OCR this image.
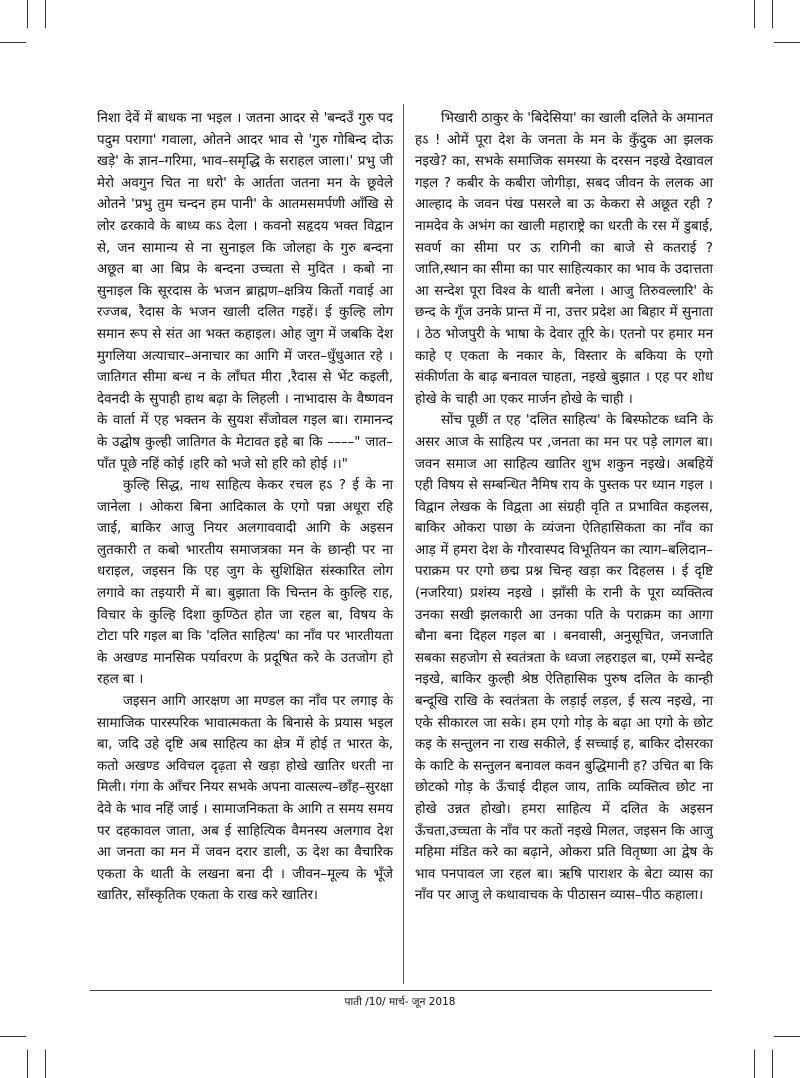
निशा देवें में बाधक ना भइल । जतना आदर से 'बन्दउँ गुरु पद पदुम परागा' गवाला, ओतने आदर भाव से 'गुरु गोबिन्द दोऊ खड़े' के ज्ञान–गरिमा, भाव–समृद्धि के सराहल जाला।' प्रभु जी मेरो अवगुन चित ना धरो' के आर्तता जतना मन के छूवेले ओतने 'प्रभु तुम चन्दन हम पानी' के आतमसमर्पणी आँखि से लोर ढरकावे के बाध्य कऽ देला । कवनो सहृदय भक्त विद्वान से, जन सामान्य से ना सुनाइल कि जोलहा के गुरु बन्दना अछूत बा आ बिप्र के बन्दना उच्चता से मुदित । कबो ना सुनाइल कि सूरदास के भजन ब्राह्मण–क्षत्रिय किर्तो गवाई आ रज्जब, रैदास के भजन खाली दलित गइहें। ई कुल्हि लोग समान रूप से संत आ भक्त कहाइल। ओह जुग में जबकि देश मुगलिया अत्याचार–अनाचार का आगि में जरत–धुँधुआत रहे ।जातिगत सीमा बन्ध न के लाँघत मीरा ,रैदास से भेंट कइली, देवनदी के सुपाही हाथ बढ़ा के लिहली । नाभादास के वैष्णवन के वार्ता में एह भक्तन के सुयश सँजोवल गइल बा। रामानन्द के उद्घोष कुल्ही जातिगत के मेटावत इहे बा कि ––––" जात–पाँत पूछे नहिं कोई ।हरि को भजे सो हरि को होई ।।"

कुल्हि सिद्ध, नाथ साहित्य केकर रचल हऽ ? ई के ना जानेला । ओकरा बिना आदिकाल के एगो पन्ना अधूरा रहि जाई, बाकिर आजु नियर अलगाववादी आगि के अइसन लुतकारी त कबो भारतीय समाजत्रका मन के छान्ही पर ना धराइल, जइसन कि एह जुग के सुशिक्षित संस्कारित लोग लगावे का तइयारी में बा। बुझाता कि चिन्तन के कुल्हि राह, विचार के कुल्हि दिशा कुण्ठित होत जा रहल बा, विषय के टोटा परि गइल बा कि 'दलित साहित्य' का नाँव पर भारतीयता के अखण्ड मानसिक पर्यावरण के प्रदूषित करे के उतजोग हो रहल बा ।

जइसन आगि आरक्षण आ मण्डल का नाँव पर लगाइ के सामाजिक पारस्परिक भावात्मकता के बिनासे के प्रयास भइल बा, जदि उहे दृष्टि अब साहित्य का क्षेत्र में होई त भारत के, कतो अखण्ड अविचल दृढ़ता से खड़ा होखे खातिर धरती ना मिली। गंगा के ऑंचर नियर सभके अपना वात्सल्य–छाँह–सुरक्षा देवे के भाव नहिं जाई । सामाजनिकता के आगि त समय समय पर दहकावल जाता, अब ई साहित्यिक वैमनस्य अलगाव देश आ जनता का मन में जवन दरार डाली, ऊ देश का वैचारिक एकता के थाती के लखना बना दी । जीवन–मूल्य के भूँजे खातिर, सॉंस्कृतिक एकता के राख करे खातिर।

भिखारी ठाकुर के 'बिदेसिया' का खाली दलिते के अमानत हऽ ! ओमें पूरा देश के जनता के मन के कुँदुक आ झलक नइखे? का, सभके समाजिक समस्या के दरसन नइखे देखावल गइल ? कबीर के कबीरा जोगीड़ा, सबद जीवन के ललक आ आल्हाद के जवन पंख पसरले बा ऊ केकरा से अछूत रही ? नामदेव के अभंग का खाली महाराष्ट्रे का धरती के रस में डुबाई, सवर्ण का सीमा पर ऊ रागिनी का बाजे से कतराई ? जाति,स्थान का सीमा का पार साहित्यकार का भाव के उदात्तता आ सन्देश पूरा विश्व के थाती बनेला । आजु तिरुवल्लारि' के छन्द के गूँज उनके प्रान्त में ना, उत्तर प्रदेश आ बिहार में सुनाता । ठेठ भोजपुरी के भाषा के देवार तूरि के। एतनो पर हमार मन काहे ए एकता के नकार के, विस्तार के बकिया के एगो संकीर्णता के बाढ़ बनावल चाहता, नइखे बुझात । एह पर शोध होखे के चाही आ एकर मार्जन होखे के चाही ।

सोंच पूछीं त एह 'दलित साहित्य' के बिस्फोटक ध्वनि के असर आज के साहित्य पर ,जनता का मन पर पड़े लागल बा। जवन समाज आ साहित्य खातिर शुभ शकुन नइखे। अबहियें एही विषय से सम्बन्धित नैमिष राय के पुस्तक पर ध्यान गइल । विद्वान लेखक के विद्वता आ संग्रही वृति त प्रभावित कइलस, बाकिर ओकरा पाछा के व्यंजना ऐतिहासिकता का नाँव का आड़ में हमरा देश के गौरवास्पद विभूतियन का त्याग–बलिदान–पराक्रम पर एगो छद्म प्रश्न चिन्ह खड़ा कर दिहलस । ई दृष्टि (नजरिया) प्रशंस्य नइखे । झाँसी के रानी के पूरा व्यक्तित्व उनका सखी झलकारी आ उनका पति के पराक्रम का आगा बौना बना दिहल गइल बा । बनवासी, अनुसूचित, जनजाति सबका सहजोग से स्वतंत्रता के ध्वजा लहराइल बा, एम्में सन्देह नइखे, बाकिर कुल्ही श्रेष्ठ ऐतिहासिक पुरुष दलित के कान्ही बन्दूखि राखि के स्वतंत्रता के लड़ाई लड़ल, ई सत्य नइखे, ना एके सीकारल जा सके। हम एगो गोड़ के बढ़ा आ एगो के छोट कइ के सन्तुलन ना राख सकीले, ई सच्चाई ह, बाकिर दोसरका के काटि के सन्तुलन बनावल कवन बुद्धिमानी ह? उचित बा कि छोटको गोड़ के ऊँचाई दीहल जाय, ताकि व्यक्तित्व छोट ना होखे उन्नत होखो। हमरा साहित्य में दलित के अइसन ऊँचता,उच्चता के नाँव पर कतों नइखे मिलत, जइसन कि आजु महिमा मंडित करे का बढ़ाने, ओकरा प्रति वितृष्णा आ द्वेष के भाव पनपावल जा रहल बा। ऋषि पाराशर के बेटा व्यास का नाँव पर आजु ले कथावाचक के पीठासन व्यास–पीठ कहाला।

पाती /10/ मार्च- जून 2018
